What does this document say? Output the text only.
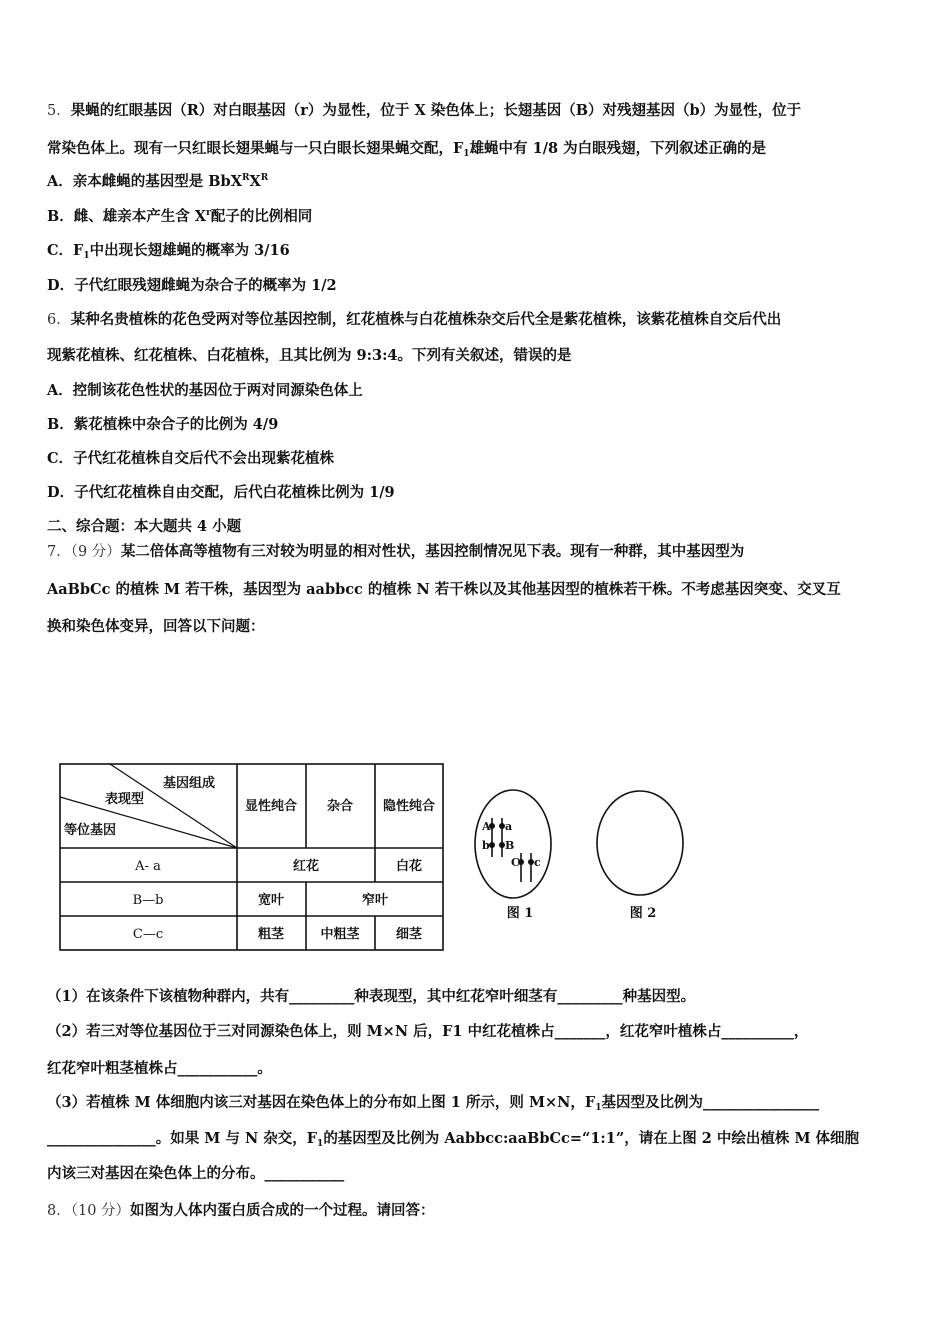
5．果蝇的红眼基因（R）对白眼基因（r）为显性，位于 X 染色体上；长翅基因（B）对残翅基因（b）为显性，位于
常染色体上。现有一只红眼长翅果蝇与一只白眼长翅果蝇交配，$F_1$雄蝇中有 1/8 为白眼残翅，下列叙述正确的是
A．亲本雌蝇的基因型是 $BbX^RX^R$
B．雌、雄亲本产生含 $X^r$配子的比例相同
C．$F_1$中出现长翅雄蝇的概率为 3/16
D．子代红眼残翅雌蝇为杂合子的概率为 1/2
6．某种名贵植株的花色受两对等位基因控制，红花植株与白花植株杂交后代全是紫花植株，该紫花植株自交后代出
现紫花植株、红花植株、白花植株，且其比例为 9:3:4。下列有关叙述，错误的是
A．控制该花色性状的基因位于两对同源染色体上
B．紫花植株中杂合子的比例为 4/9
C．子代红花植株自交后代不会出现紫花植株
D．子代红花植株自由交配，后代白花植株比例为 1/9
二、综合题：本大题共 4 小题
7．（9 分）某二倍体高等植物有三对较为明显的相对性状，基因控制情况见下表。现有一种群，其中基因型为
AaBbCc 的植株 M 若干株，基因型为 aabbcc 的植株 N 若干株以及其他基因型的植株若干株。不考虑基因突变、交叉互
换和染色体变异，回答以下问题：
（1）在该条件下该植物种群内，共有_________种表现型，其中红花窄叶细茎有_________种基因型。
（2）若三对等位基因位于三对同源染色体上，则 M×N 后，F1 中红花植株占_______，红花窄叶植株占__________，
红花窄叶粗茎植株占___________。
（3）若植株 M 体细胞内该三对基因在染色体上的分布如上图 1 所示，则 M×N，$F_1$基因型及比例为________________
_______________。如果 M 与 N 杂交，$F_1$的基因型及比例为 Aabbcc:aaBbCc=“1:1”，请在上图 2 中绘出植株 M 体细胞
内该三对基因在染色体上的分布。___________
8．（10 分）如图为人体内蛋白质合成的一个过程。请回答：
基因组成
表现型
等位基因
显性纯合 杂合 隐性纯合
A- a	红花	白花
B—b	宽叶	窄叶
C—c	粗茎	中粗茎	细茎
A a
b B
C c
图 1	图 2
